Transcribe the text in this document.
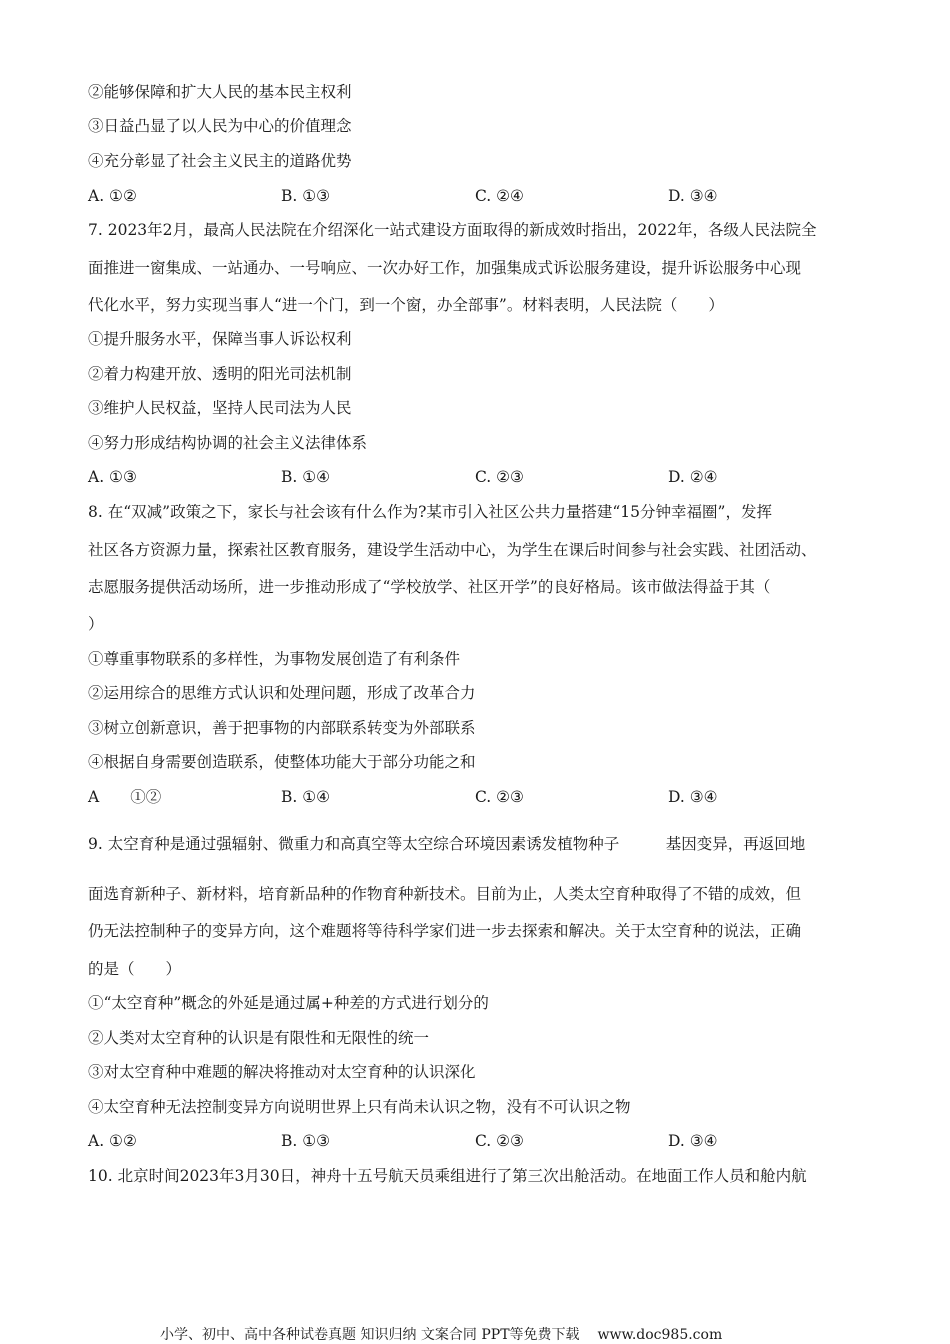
②能够保障和扩大人民的基本民主权利
③日益凸显了以人民为中心的价值理念
④充分彰显了社会主义民主的道路优势
A. ①②	B. ①③	C. ②④	D. ③④
7. 2023年2月，最高人民法院在介绍深化一站式建设方面取得的新成效时指出，2022年，各级人民法院全
面推进一窗集成、一站通办、一号响应、一次办好工作，加强集成式诉讼服务建设，提升诉讼服务中心现
代化水平，努力实现当事人“进一个门，到一个窗，办全部事”。材料表明，人民法院（　　）
①提升服务水平，保障当事人诉讼权利
②着力构建开放、透明的阳光司法机制
③维护人民权益，坚持人民司法为人民
④努力形成结构协调的社会主义法律体系
A. ①③	B. ①④	C. ②③	D. ②④
8. 在“双减”政策之下，家长与社会该有什么作为?某市引入社区公共力量搭建“15分钟幸福圈”，发挥
社区各方资源力量，探索社区教育服务，建设学生活动中心，为学生在课后时间参与社会实践、社团活动、
志愿服务提供活动场所，进一步推动形成了“学校放学、社区开学”的良好格局。该市做法得益于其（
）
①尊重事物联系的多样性，为事物发展创造了有利条件
②运用综合的思维方式认识和处理问题，形成了改革合力
③树立创新意识，善于把事物的内部联系转变为外部联系
④根据自身需要创造联系，使整体功能大于部分功能之和
A　　①②	B. ①④	C. ②③	D. ③④
9. 太空育种是通过强辐射、微重力和高真空等太空综合环境因素诱发植物种子　　　基因变异，再返回地
面选育新种子、新材料，培育新品种的作物育种新技术。目前为止，人类太空育种取得了不错的成效，但
仍无法控制种子的变异方向，这个难题将等待科学家们进一步去探索和解决。关于太空育种的说法，正确
的是（　　）
①“太空育种”概念的外延是通过属+种差的方式进行划分的
②人类对太空育种的认识是有限性和无限性的统一
③对太空育种中难题的解决将推动对太空育种的认识深化
④太空育种无法控制变异方向说明世界上只有尚未认识之物，没有不可认识之物
A. ①②	B. ①③	C. ②③	D. ③④
10. 北京时间2023年3月30日，神舟十五号航天员乘组进行了第三次出舱活动。在地面工作人员和舱内航
小学、初中、高中各种试卷真题 知识归纳 文案合同 PPT等免费下载 www.doc985.com
